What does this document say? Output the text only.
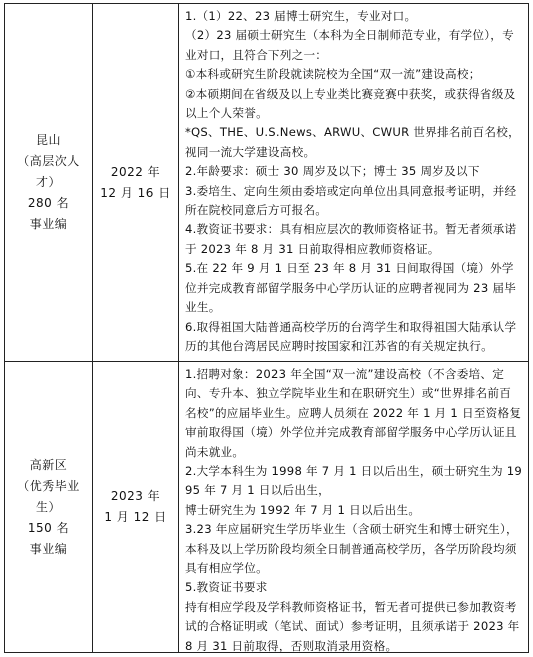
昆山
（高层次人
才）
280 名
事业编
2022 年
12 月 16 日

1.（1）22、23 届博士研究生，专业对口。

（2）23 届硕士研究生（本科为全日制师范专业，有学位），专业对口，且符合下列之一：

①本科或研究生阶段就读院校为全国“双一流”建设高校；

②本硕期间在省级及以上专业类比赛竞赛中获奖，或获得省级及以上个人荣誉。

*QS、THE、U.S.News、ARWU、CWUR 世界排名前百名校，视同一流大学建设高校。

2.年龄要求：硕士 30 周岁及以下；博士 35 周岁及以下

3.委培生、定向生须由委培或定向单位出具同意报考证明，并经所在院校同意后方可报名。

4.教资证书要求：具有相应层次的教师资格证书。暂无者须承诺于 2023 年 8 月 31 日前取得相应教师资格证。

5.在 22 年 9 月 1 日至 23 年 8 月 31 日间取得国（境）外学位并完成教育部留学服务中心学历认证的应聘者视同为 23 届毕业生。

6.取得祖国大陆普通高校学历的台湾学生和取得祖国大陆承认学历的其他台湾居民应聘时按国家和江苏省的有关规定执行。

高新区
（优秀毕业
生）
150 名
事业编
2023 年
1 月 12 日

1.招聘对象：2023 年全国“双一流”建设高校（不含委培、定向、专升本、独立学院毕业生和在职研究生）或“世界排名前百名校”的应届毕业生。应聘人员须在 2022 年 1 月 1 日至资格复审前取得国（境）外学位并完成教育部留学服务中心学历认证且尚未就业。

2.大学本科生为 1998 年 7 月 1 日以后出生，硕士研究生为 1995 年 7 月 1 日以后出生，

博士研究生为 1992 年 7 月 1 日以后出生。

3.23 年应届研究生学历毕业生（含硕士研究生和博士研究生），本科及以上学历阶段均须全日制普通高校学历，各学历阶段均须具有相应学位。

5.教资证书要求

持有相应学段及学科教师资格证书，暂无者可提供已参加教资考试的合格证明或（笔试、面试）参考证明，且须承诺于 2023 年 8 月 31 日前取得，否则取消录用资格。
